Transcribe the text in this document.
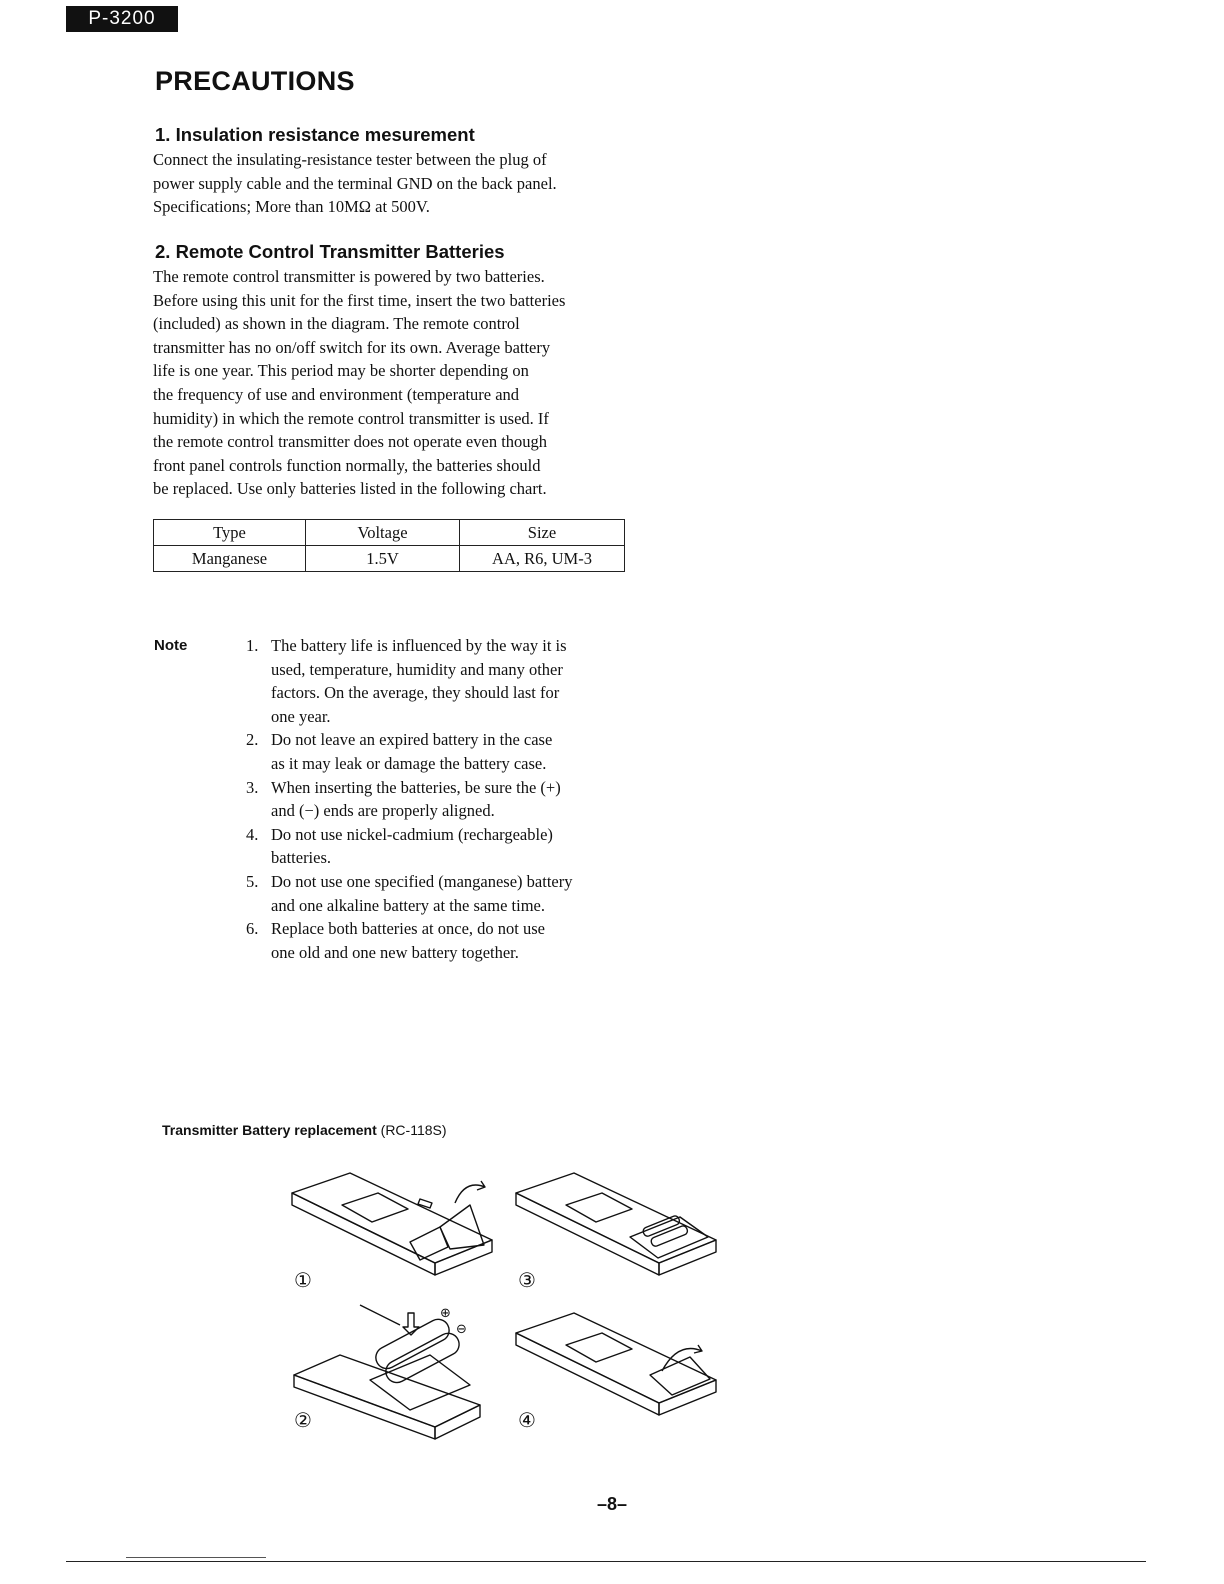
P-3200
PRECAUTIONS
1. Insulation resistance mesurement
Connect the insulating-resistance tester between the plug of
power supply cable and the terminal GND on the back panel.
Specifications; More than 10MΩ at 500V.
2. Remote Control Transmitter Batteries
The remote control transmitter is powered by two batteries.
Before using this unit for the first time, insert the two batteries
(included) as shown in the diagram. The remote control
transmitter has no on/off switch for its own. Average battery
life is one year. This period may be shorter depending on
the frequency of use and environment (temperature and
humidity) in which the remote control transmitter is used. If
the remote control transmitter does not operate even though
front panel controls function normally, the batteries should
be replaced. Use only batteries listed in the following chart.
Type	Voltage	Size
Manganese	1.5V	AA, R6, UM-3
Note	1. The battery life is influenced by the way it is
used, temperature, humidity and many other
factors. On the average, they should last for
one year.
2. Do not leave an expired battery in the case
as it may leak or damage the battery case.
3. When inserting the batteries, be sure the (+)
and (−) ends are properly aligned.
4. Do not use nickel-cadmium (rechargeable)
batteries.
5. Do not use one specified (manganese) battery
and one alkaline battery at the same time.
6. Replace both batteries at once, do not use
one old and one new battery together.
Transmitter Battery replacement (RC-118S)
①	③
⊕
⊖
②	④
–8–
